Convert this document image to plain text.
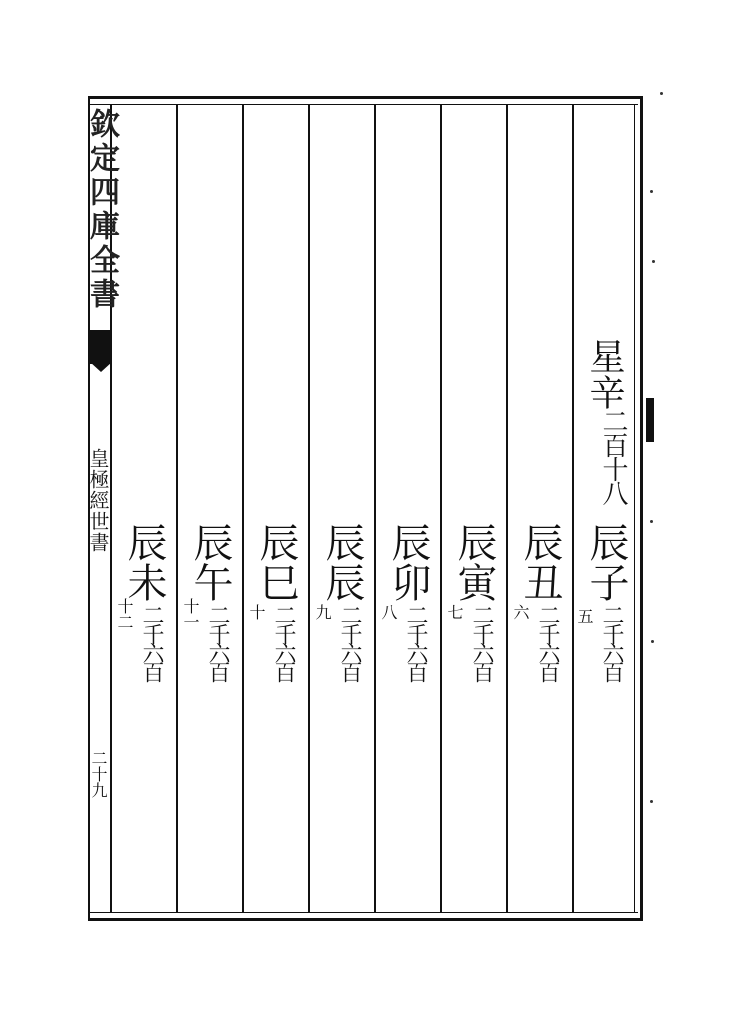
欽定四庫全書
皇極經世書
二十九
星辛
二百十八
辰子
二千六百
五
辰丑
二千六百
六
辰寅
二千六百
七
辰卯
二千六百
八
辰辰
二千六百
九
辰巳
二千六百
十
辰午
二千六百
十一
辰未
二千六百
十二
